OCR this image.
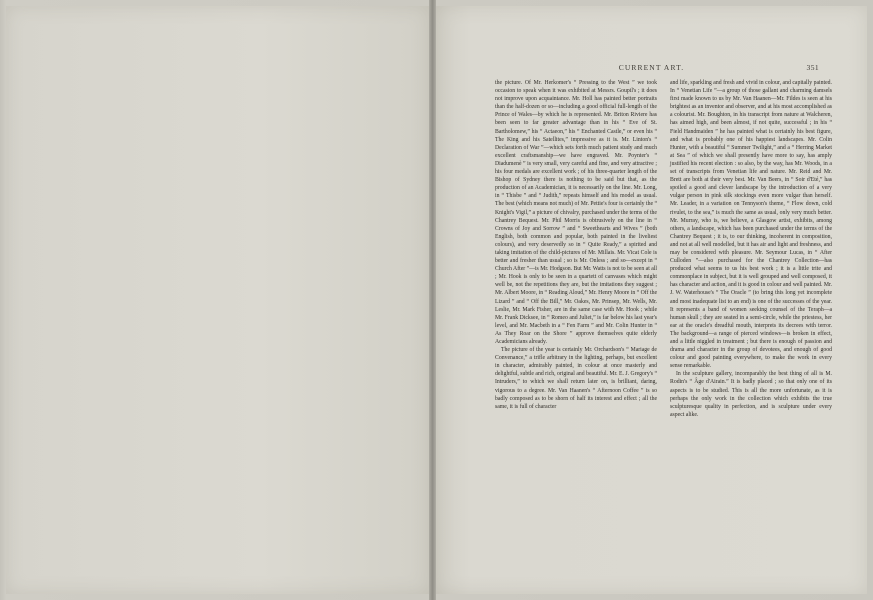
CURRENT ART.	351

the picture. Of Mr. Herkomer's “ Pressing to the West ” we took occasion to speak when it was exhibited at Messrs. Goupil's ; it does not improve upon acquaintance. Mr. Holl has painted better portraits than the half-dozen or so—including a good official full-length of the Prince of Wales—by which he is represented. Mr. Briton Riviere has been seen to far greater advantage than in his “ Eve of St. Bartholomew,” his “ Actaeon,” his “ Enchanted Castle,” or even his “ The King and his Satellites,” impressive as it is. Mr. Linton's “ Declaration of War ”—which sets forth much patient study and much excellent craftsmanship—we have engraved. Mr. Poynter's “ Diadumenè ” is very small, very careful and fine, and very attractive ; his four medals are excellent work ; of his three-quarter length of the Bishop of Sydney there is nothing to be said but that, as the production of an Academician, it is necessarily on the line. Mr. Long, in “ Thisbe ” and “ Judith,” repeats himself and his model as usual. The best (which means not much) of Mr. Pettie's four is certainly the “ Knight's Vigil,” a picture of chivalry, purchased under the terms of the Chantrey Bequest. Mr. Phil Morris is obtrusively on the line in “ Crowns of Joy and Sorrow ” and “ Sweethearts and Wives ” (both English, both common and popular, both painted in the liveliest colours), and very deservedly so in “ Quite Ready,” a spirited and taking imitation of the child-pictures of Mr. Millais. Mr. Vicat Cole is better and fresher than usual ; so is Mr. Onless ; and so—except in “ Church After ”—is Mr. Hodgson. But Mr. Watts is not to be seen at all ; Mr. Hook is only to be seen in a quartett of canvases which might well be, not the repetitions they are, but the imitations they suggest ; Mr. Albert Moore, in “ Reading Aloud,” Mr. Henry Moore in “ Off the Lizard ” and “ Off the Bill,” Mr. Oakes, Mr. Prinsep, Mr. Wells, Mr. Leslie, Mr. Mark Fisher, are in the same case with Mr. Hook ; while Mr. Frank Dicksee, in “ Romeo and Juliet,” is far below his last year's level, and Mr. Macbeth in a “ Fen Farm ” and Mr. Colin Hunter in “ As They Roar on the Shore ” approve themselves quite elderly Academicians already.

The picture of the year is certainly Mr. Orchardson's “ Mariage de Convenance,” a trifle arbitrary in the lighting, perhaps, but excellent in character, admirably painted, in colour at once masterly and delightful, subtle and rich, original and beautiful. Mr. E. J. Gregory's “ Intruders,” to which we shall return later on, is brilliant, daring, vigorous to a degree. Mr. Van Haanen's “ Afternoon Coffee ” is so badly composed as to be shorn of half its interest and effect ; all the same, it is full of character

and life, sparkling and fresh and vivid in colour, and capitally painted. In “ Venetian Life ”—a group of those gallant and charming damsels first made known to us by Mr. Van Haanen—Mr. Fildes is seen at his brightest as an inventor and observer, and at his most accomplished as a colourist. Mr. Boughton, in his transcript from nature at Walcheren, has aimed high, and been almost, if not quite, successful ; in his “ Field Handmaiden ” he has painted what is certainly his best figure, and what is probably one of his happiest landscapes. Mr. Colin Hunter, with a beautiful “ Summer Twilight,” and a “ Herring Market at Sea ” of which we shall presently have more to say, has amply justified his recent election : so also, by the way, has Mr. Woods, in a set of transcripts from Venetian life and nature. Mr. Reid and Mr. Brett are both at their very best. Mr. Van Beers, in “ Soir d'Eté,” has spoiled a good and clever landscape by the introduction of a very vulgar person in pink silk stockings even more vulgar than herself. Mr. Leader, in a variation on Tennyson's theme, “ Flow down, cold rivulet, to the sea,” is much the same as usual, only very much better. Mr. Murray, who is, we believe, a Glasgow artist, exhibits, among others, a landscape, which has been purchased under the terms of the Chantrey Bequest ; it is, to our thinking, incoherent in composition, and not at all well modelled, but it has air and light and freshness, and may be considered with pleasure. Mr. Seymour Lucas, in “ After Culloden ”—also purchased for the Chantrey Collection—has produced what seems to us his best work ; it is a little trite and commonplace in subject, but it is well grouped and well composed, it has character and action, and it is good in colour and well painted. Mr. J. W. Waterhouse's “ The Oracle ” (to bring this long yet incomplete and most inadequate list to an end) is one of the successes of the year. It represents a band of women seeking counsel of the Teraph—a human skull ; they are seated in a semi-circle, while the priestess, her ear at the oracle's dreadful mouth, interprets its decrees with terror. The background—a range of pierced windows—is broken in effect, and a little niggled in treatment ; but there is enough of passion and drama and character in the group of devotees, and enough of good colour and good painting everywhere, to make the work in every sense remarkable.

In the sculpture gallery, incomparably the best thing of all is M. Rodin's “ Âge d'Airain.” It is badly placed ; so that only one of its aspects is to be studied. This is all the more unfortunate, as it is perhaps the only work in the collection which exhibits the true sculpturesque quality in perfection, and is sculpture under every aspect alike.
